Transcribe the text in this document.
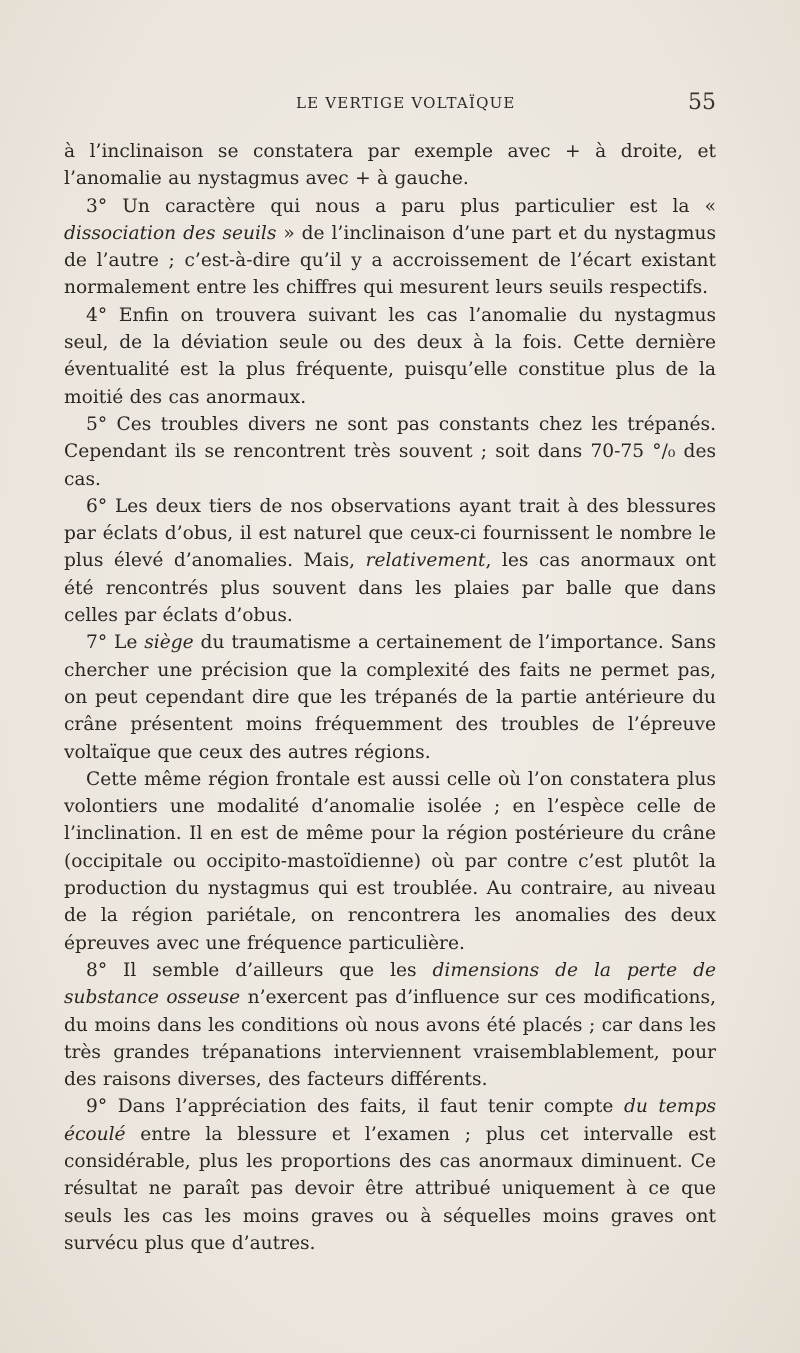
LE VERTIGE VOLTAÏQUE	55

à l’inclinaison se constatera par exemple avec + à droite, et l’anomalie au nystagmus avec + à gauche.

3° Un caractère qui nous a paru plus particulier est la « dissociation des seuils » de l’inclinaison d’une part et du nystagmus de l’autre ; c’est-à-dire qu’il y a accroissement de l’écart existant normalement entre les chiffres qui mesurent leurs seuils respectifs.

4° Enfin on trouvera suivant les cas l’anomalie du nystagmus seul, de la déviation seule ou des deux à la fois. Cette dernière éventualité est la plus fréquente, puisqu’elle constitue plus de la moitié des cas anormaux.

5° Ces troubles divers ne sont pas constants chez les trépanés. Cependant ils se rencontrent très souvent ; soit dans 70-75 °/₀ des cas.

6° Les deux tiers de nos observations ayant trait à des blessures par éclats d’obus, il est naturel que ceux-ci fournissent le nombre le plus élevé d’anomalies. Mais, relativement, les cas anormaux ont été rencontrés plus souvent dans les plaies par balle que dans celles par éclats d’obus.

7° Le siège du traumatisme a certainement de l’importance. Sans chercher une précision que la complexité des faits ne permet pas, on peut cependant dire que les trépanés de la partie antérieure du crâne présentent moins fréquemment des troubles de l’épreuve voltaïque que ceux des autres régions.

Cette même région frontale est aussi celle où l’on constatera plus volontiers une modalité d’anomalie isolée ; en l’espèce celle de l’inclination. Il en est de même pour la région postérieure du crâne (occipitale ou occipito-mastoïdienne) où par contre c’est plutôt la production du nystagmus qui est troublée. Au contraire, au niveau de la région pariétale, on rencontrera les anomalies des deux épreuves avec une fréquence particulière.

8° Il semble d’ailleurs que les dimensions de la perte de substance osseuse n’exercent pas d’influence sur ces modifications, du moins dans les conditions où nous avons été placés ; car dans les très grandes trépanations interviennent vraisemblablement, pour des raisons diverses, des facteurs différents.

9° Dans l’appréciation des faits, il faut tenir compte du temps écoulé entre la blessure et l’examen ; plus cet intervalle est considérable, plus les proportions des cas anormaux diminuent. Ce résultat ne paraît pas devoir être attribué uniquement à ce que seuls les cas les moins graves ou à séquelles moins graves ont survécu plus que d’autres.
